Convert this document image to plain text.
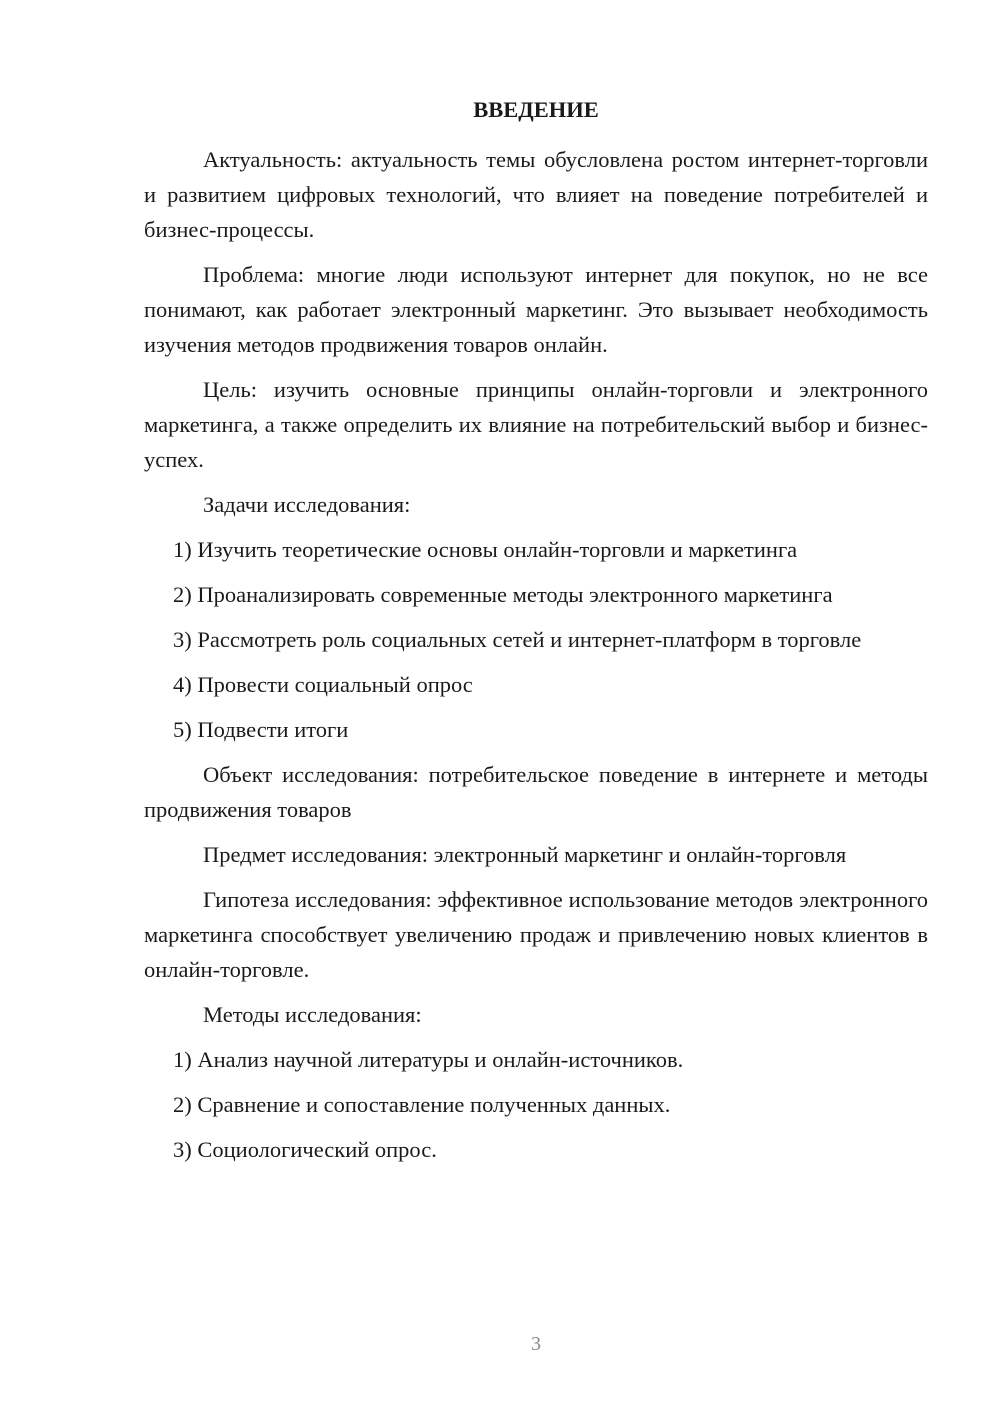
ВВЕДЕНИЕ

Актуальность: актуальность темы обусловлена ростом интернет-торговли и развитием цифровых технологий, что влияет на поведение потребителей и бизнес-процессы.

Проблема: многие люди используют интернет для покупок, но не все понимают, как работает электронный маркетинг. Это вызывает необходимость изучения методов продвижения товаров онлайн.

Цель: изучить основные принципы онлайн-торговли и электронного маркетинга, а также определить их влияние на потребительский выбор и бизнес-успех.

Задачи исследования:

1) Изучить теоретические основы онлайн-торговли и маркетинга

2) Проанализировать современные методы электронного маркетинга

3) Рассмотреть роль социальных сетей и интернет-платформ в торговле

4) Провести социальный опрос

5) Подвести итоги

Объект исследования: потребительское поведение в интернете и методы продвижения товаров

Предмет исследования: электронный маркетинг и онлайн-торговля

Гипотеза исследования: эффективное использование методов электронного маркетинга способствует увеличению продаж и привлечению новых клиентов в онлайн-торговле.

Методы исследования:

1) Анализ научной литературы и онлайн-источников.

2) Сравнение и сопоставление полученных данных.

3) Социологический опрос.

3
